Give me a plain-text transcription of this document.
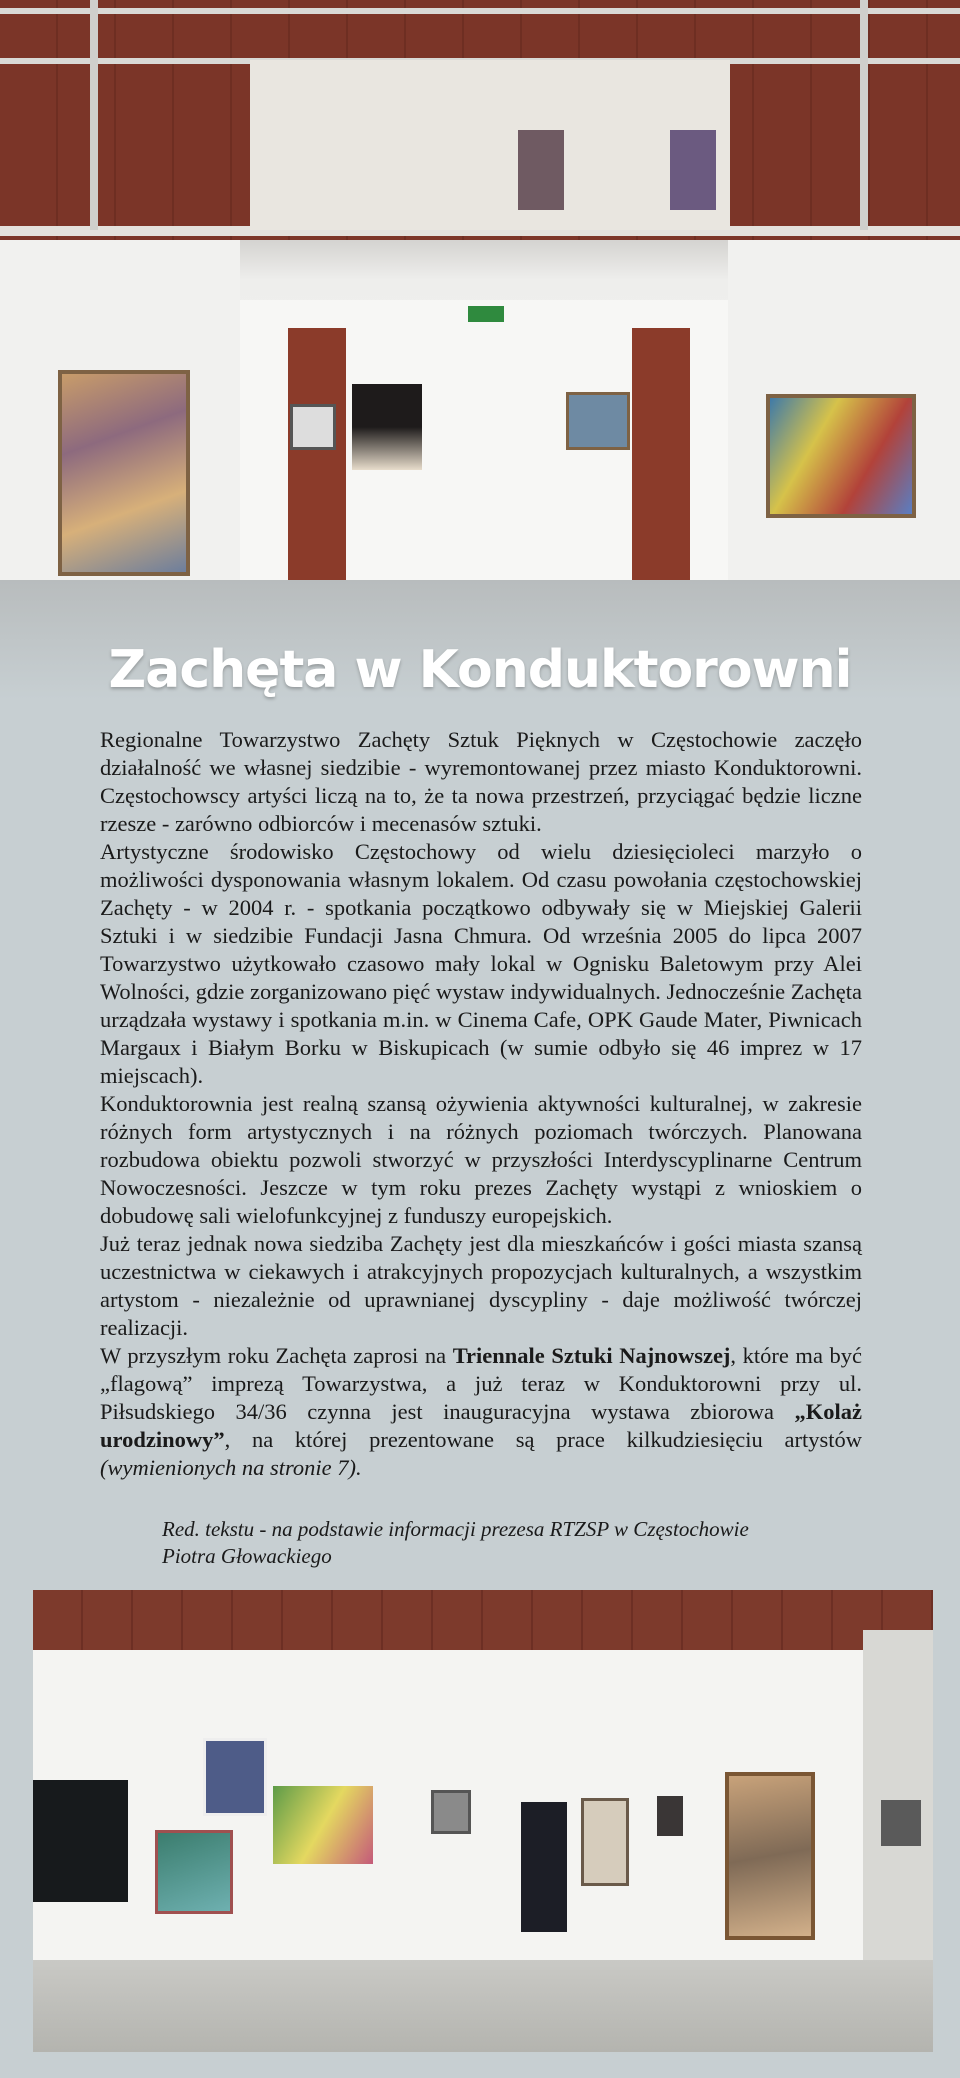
Zachęta w Konduktorowni

Regionalne Towarzystwo Zachęty Sztuk Pięknych w Częstochowie zaczęło działalność we własnej siedzibie - wyremontowanej przez miasto Konduktorowni. Częstochowscy artyści liczą na to, że ta nowa przestrzeń, przyciągać będzie liczne rzesze - zarówno odbiorców i mecenasów sztuki.

Artystyczne środowisko Częstochowy od wielu dziesięcioleci marzyło o możliwości dysponowania własnym lokalem. Od czasu powołania częstochowskiej Zachęty - w 2004 r. - spotkania początkowo odbywały się w Miejskiej Galerii Sztuki i w siedzibie Fundacji Jasna Chmura. Od września 2005 do lipca 2007 Towarzystwo użytkowało czasowo mały lokal w Ognisku Baletowym przy Alei Wolności, gdzie zorganizowano pięć wystaw indywidualnych. Jednocześnie Zachęta urządzała wystawy i spotkania m.in. w Cinema Cafe, OPK Gaude Mater, Piwnicach Margaux i Białym Borku w Biskupicach (w sumie odbyło się 46 imprez w 17 miejscach).

Konduktorownia jest realną szansą ożywienia aktywności kulturalnej, w zakresie różnych form artystycznych i na różnych poziomach twórczych. Planowana rozbudowa obiektu pozwoli stworzyć w przyszłości Interdyscyplinarne Centrum Nowoczesności. Jeszcze w tym roku prezes Zachęty wystąpi z wnioskiem o dobudowę sali wielofunkcyjnej z funduszy europejskich.

Już teraz jednak nowa siedziba Zachęty jest dla mieszkańców i gości miasta szansą uczestnictwa w ciekawych i atrakcyjnych propozycjach kulturalnych, a wszystkim artystom - niezależnie od uprawnianej dyscypliny - daje możliwość twórczej realizacji.

W przyszłym roku Zachęta zaprosi na Triennale Sztuki Najnowszej, które ma być „flagową” imprezą Towarzystwa, a już teraz w Konduktorowni przy ul. Piłsudskiego 34/36 czynna jest inauguracyjna wystawa zbiorowa „Kolaż urodzinowy”, na której prezentowane są prace kilkudziesięciu artystów (wymienionych na stronie 7).

Red. tekstu - na podstawie informacji prezesa RTZSP w Częstochowie
Piotra Głowackiego
